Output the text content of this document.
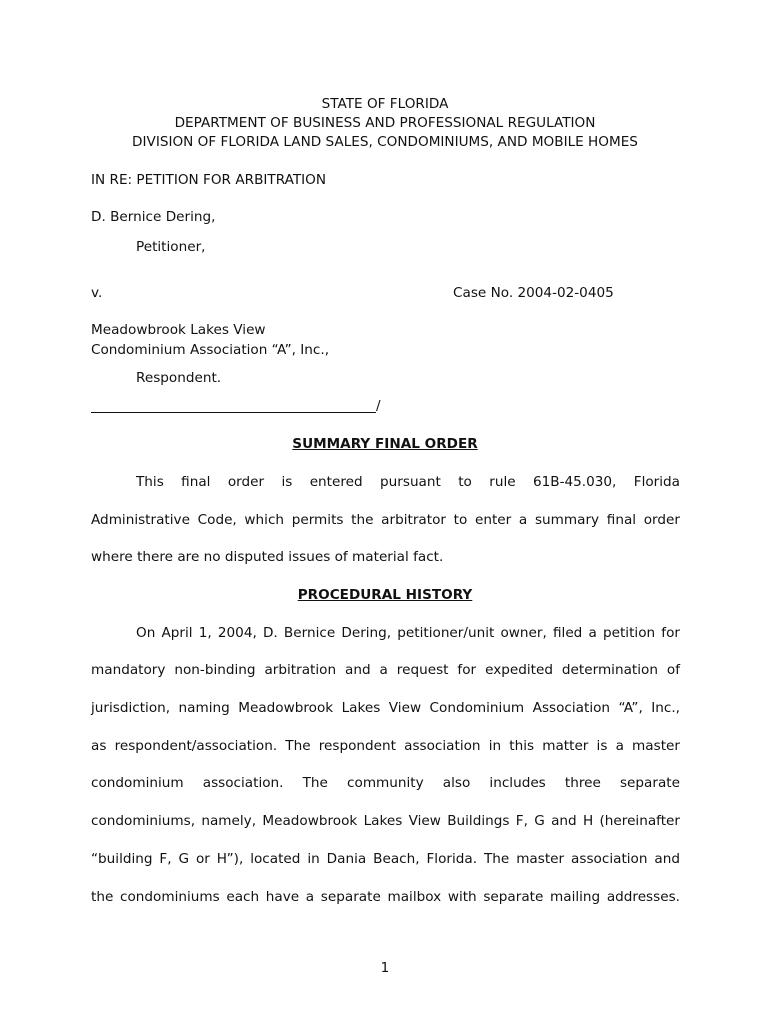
STATE OF FLORIDA
DEPARTMENT OF BUSINESS AND PROFESSIONAL REGULATION
DIVISION OF FLORIDA LAND SALES, CONDOMINIUMS, AND MOBILE HOMES
IN RE: PETITION FOR ARBITRATION
D. Bernice Dering,
Petitioner,
v.	Case No. 2004-02-0405
Meadowbrook Lakes View
Condominium Association “A”, Inc.,
Respondent.
/
SUMMARY FINAL ORDER
This final order is entered pursuant to rule 61B-45.030, Florida
Administrative Code, which permits the arbitrator to enter a summary final order
where there are no disputed issues of material fact.
PROCEDURAL HISTORY
On April 1, 2004, D. Bernice Dering, petitioner/unit owner, filed a petition for
mandatory non-binding arbitration and a request for expedited determination of
jurisdiction, naming Meadowbrook Lakes View Condominium Association “A”, Inc.,
as respondent/association. The respondent association in this matter is a master
condominium association. The community also includes three separate
condominiums, namely, Meadowbrook Lakes View Buildings F, G and H (hereinafter
“building F, G or H”), located in Dania Beach, Florida. The master association and
the condominiums each have a separate mailbox with separate mailing addresses.
1
